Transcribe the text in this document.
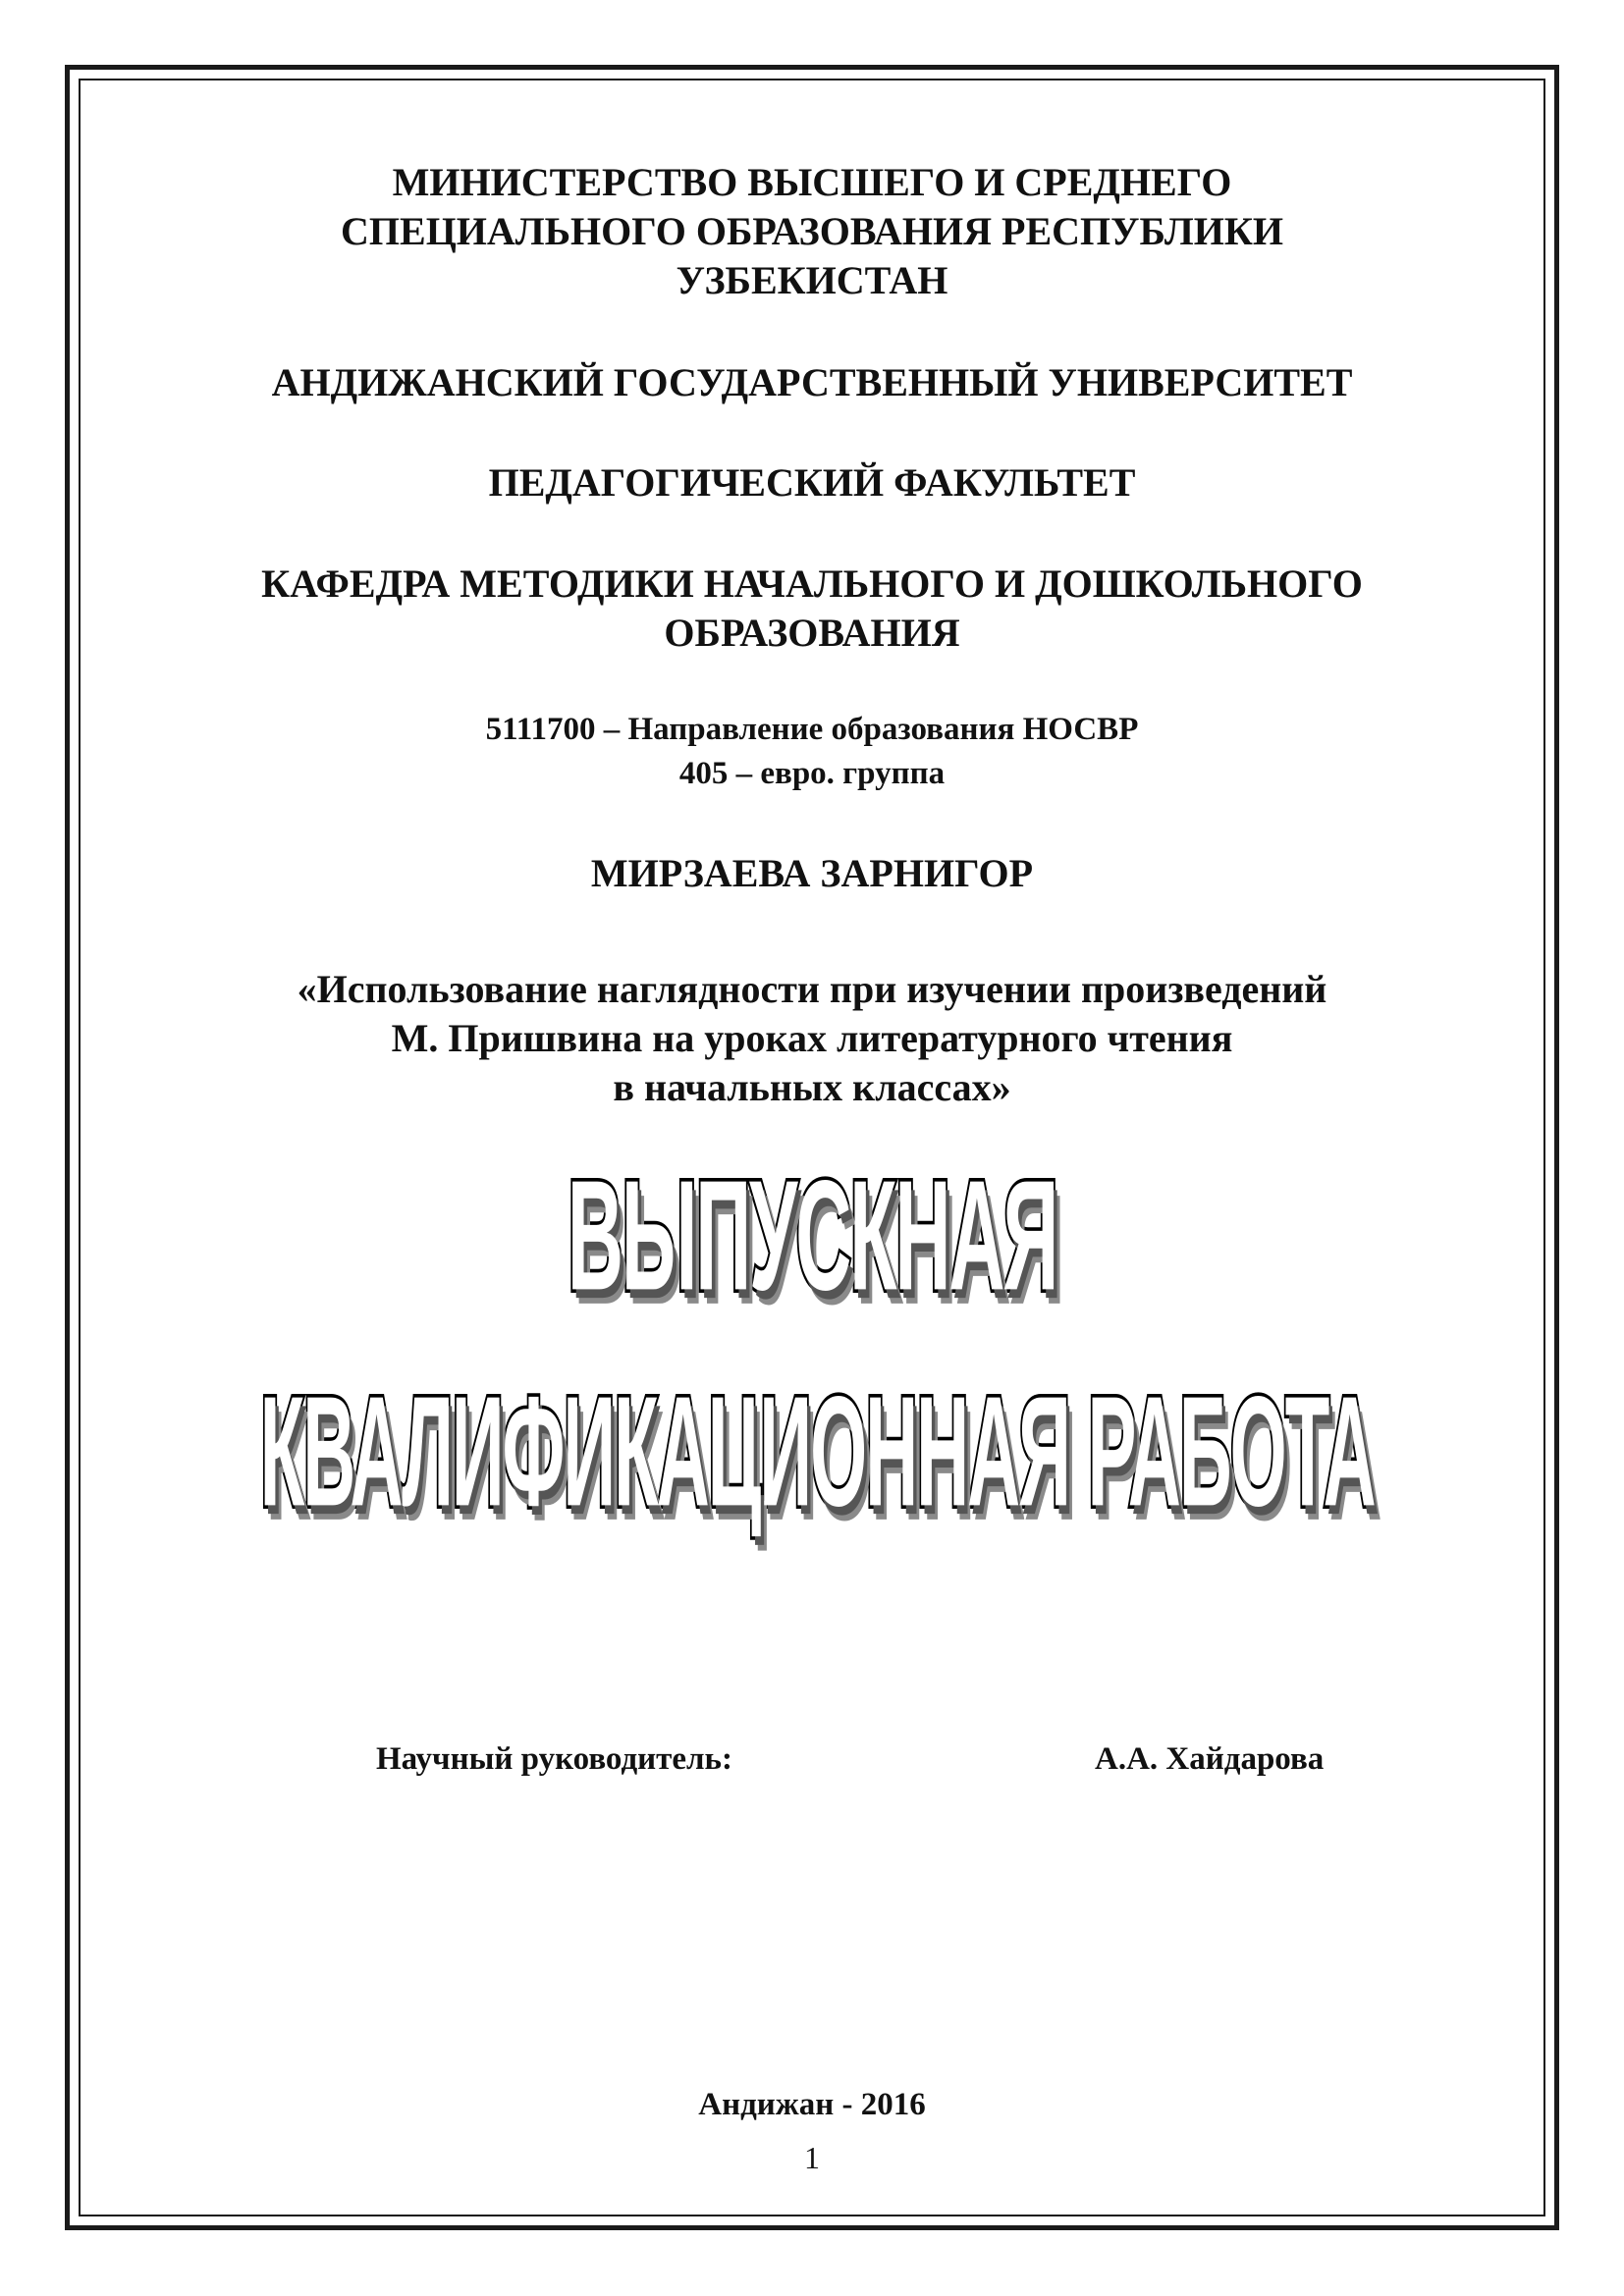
МИНИСТЕРСТВО ВЫСШЕГО И СРЕДНЕГО
СПЕЦИАЛЬНОГО ОБРАЗОВАНИЯ РЕСПУБЛИКИ
УЗБЕКИСТАН
АНДИЖАНСКИЙ ГОСУДАРСТВЕННЫЙ УНИВЕРСИТЕТ
ПЕДАГОГИЧЕСКИЙ ФАКУЛЬТЕТ
КАФЕДРА МЕТОДИКИ НАЧАЛЬНОГО И ДОШКОЛЬНОГО
ОБРАЗОВАНИЯ
5111700 – Направление образования НОСВР
405 – евро. группа
МИРЗАЕВА ЗАРНИГОР
«Использование наглядности при изучении произведений
М. Пришвина на уроках литературного чтения
в начальных классах»
ВЫПУСКНАЯ
КВАЛИФИКАЦИОННАЯ РАБОТА
Научный руководитель:	А.А. Хайдарова
Андижан - 2016
1
